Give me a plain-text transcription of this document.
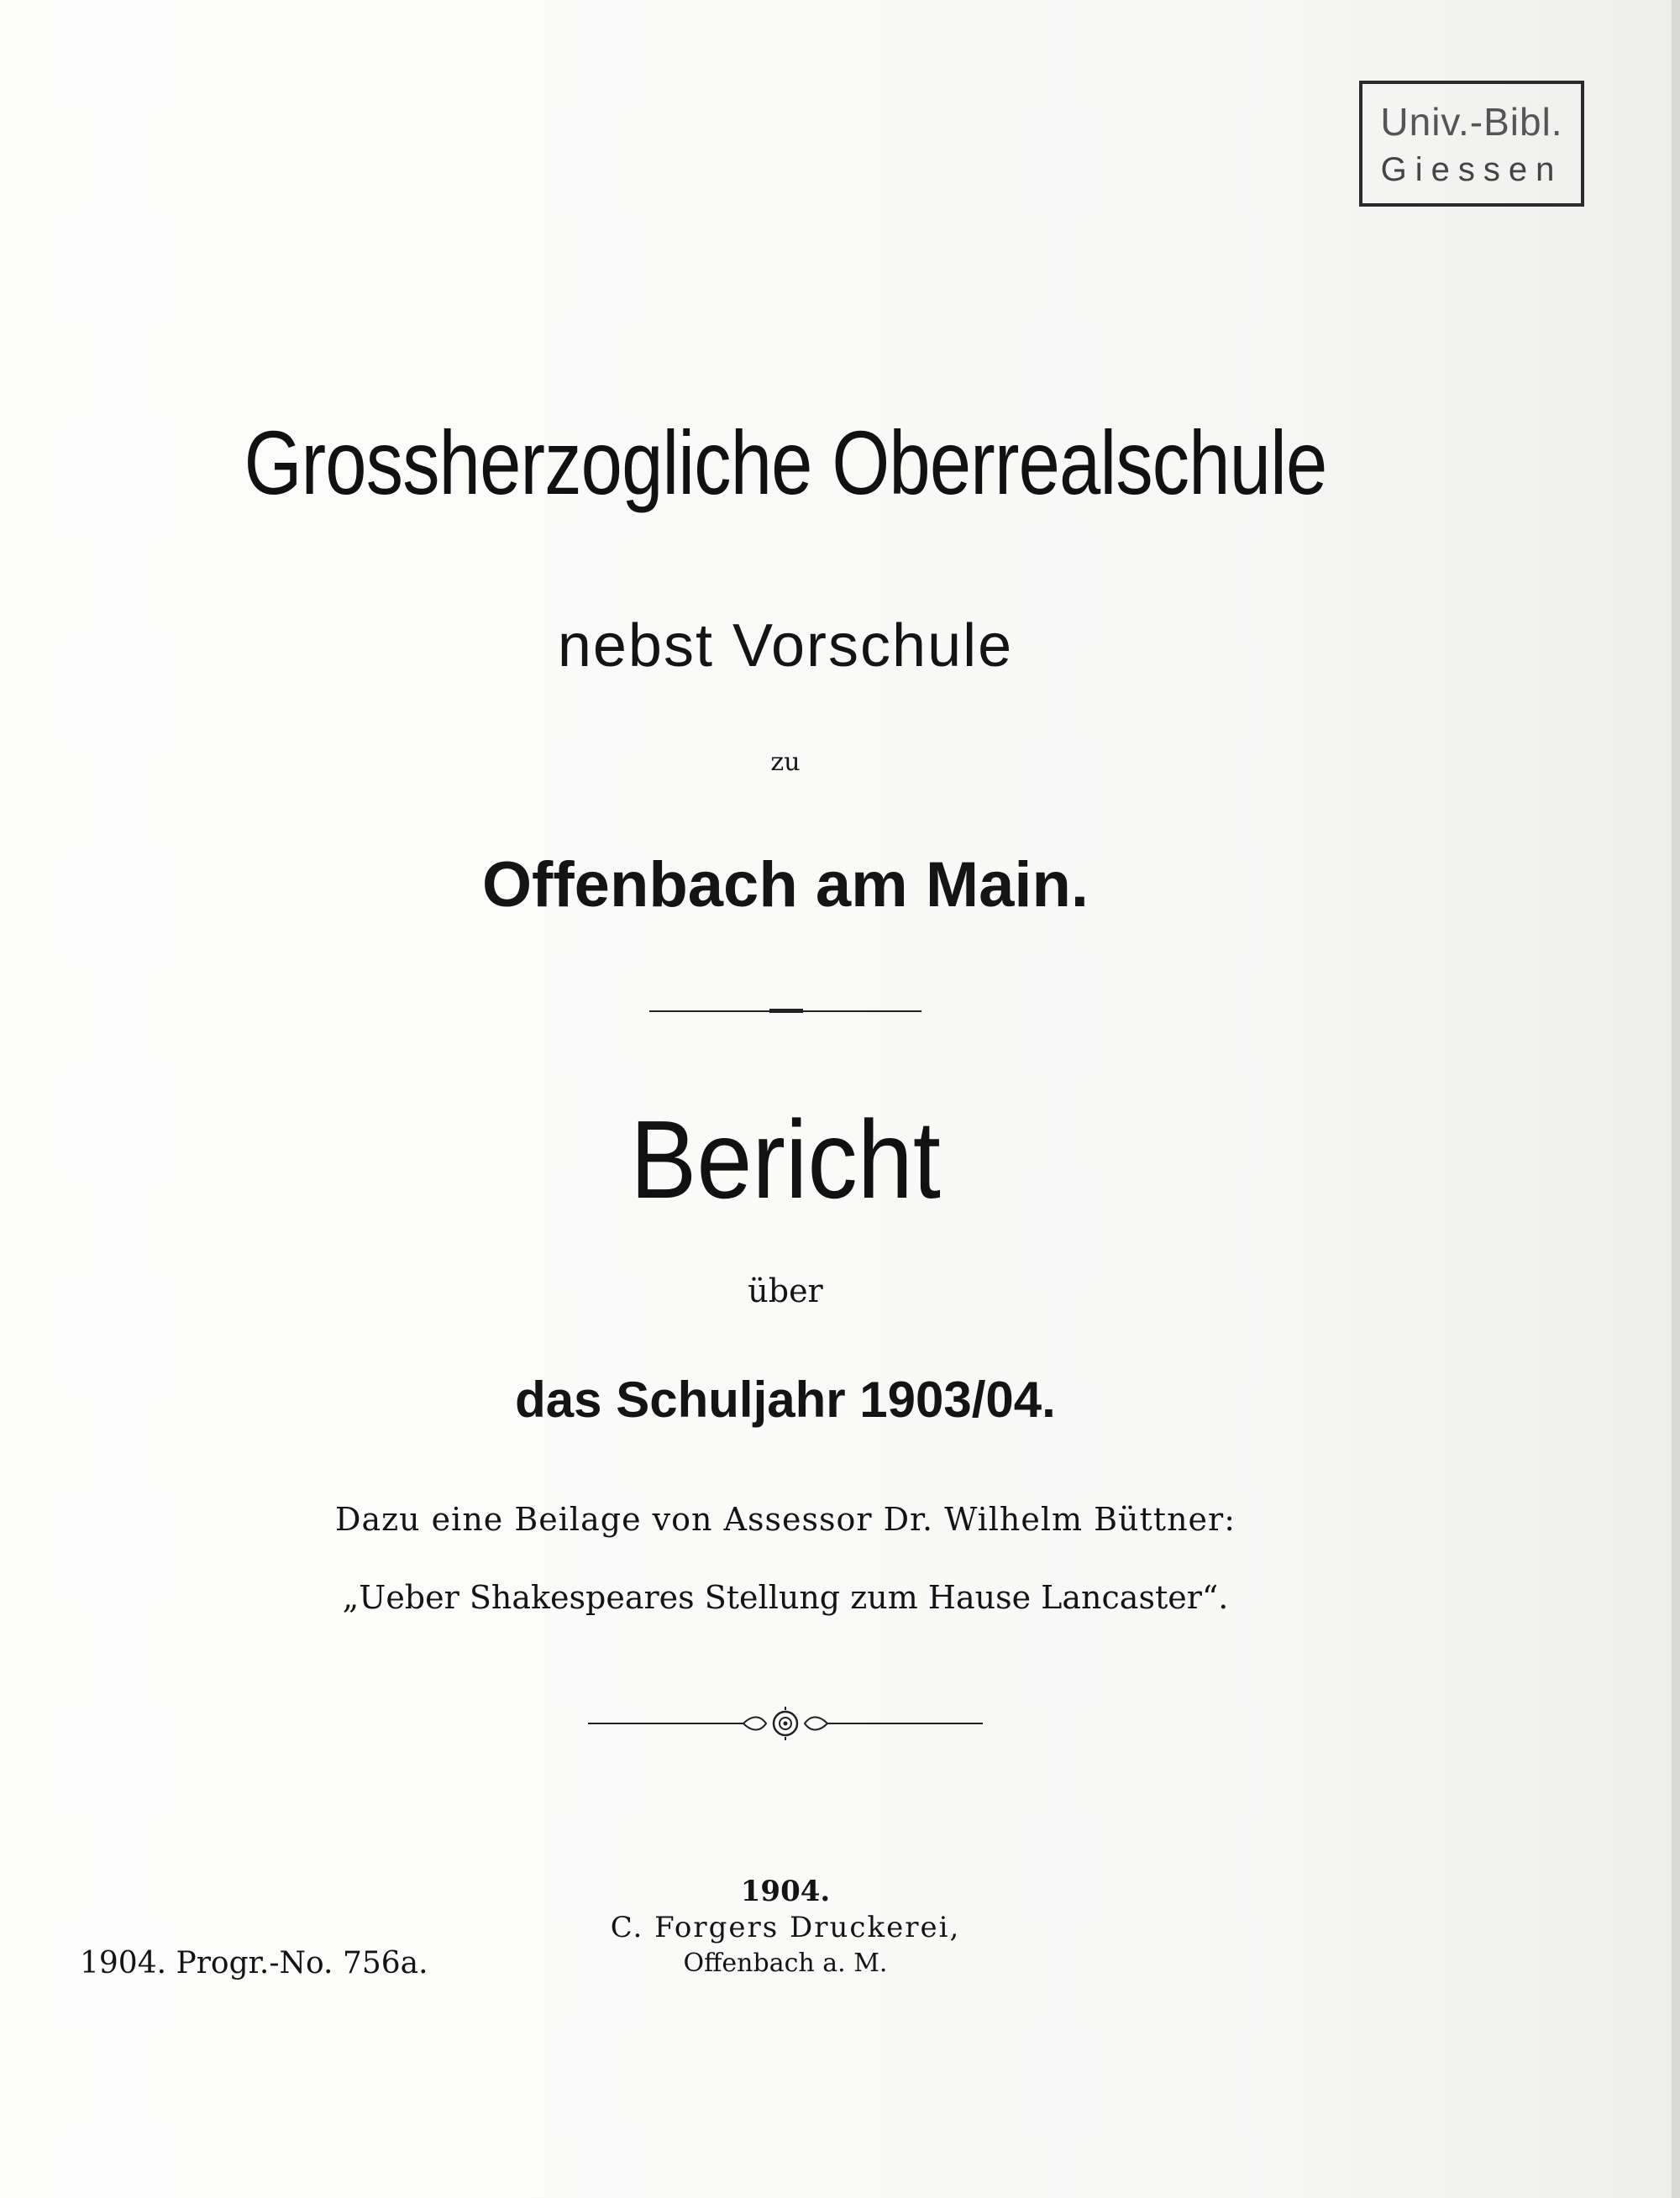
Univ.-Bibl.
Giessen
Grossherzogliche Oberrealschule
nebst Vorschule
zu
Offenbach am Main.
Bericht
über
das Schuljahr 1903/04.
Dazu eine Beilage von Assessor Dr. Wilhelm Büttner:
„Ueber Shakespeares Stellung zum Hause Lancaster“.
1904.
C. Forgers Druckerei,
Offenbach a. M.
1904. Progr.-No. 756a.
